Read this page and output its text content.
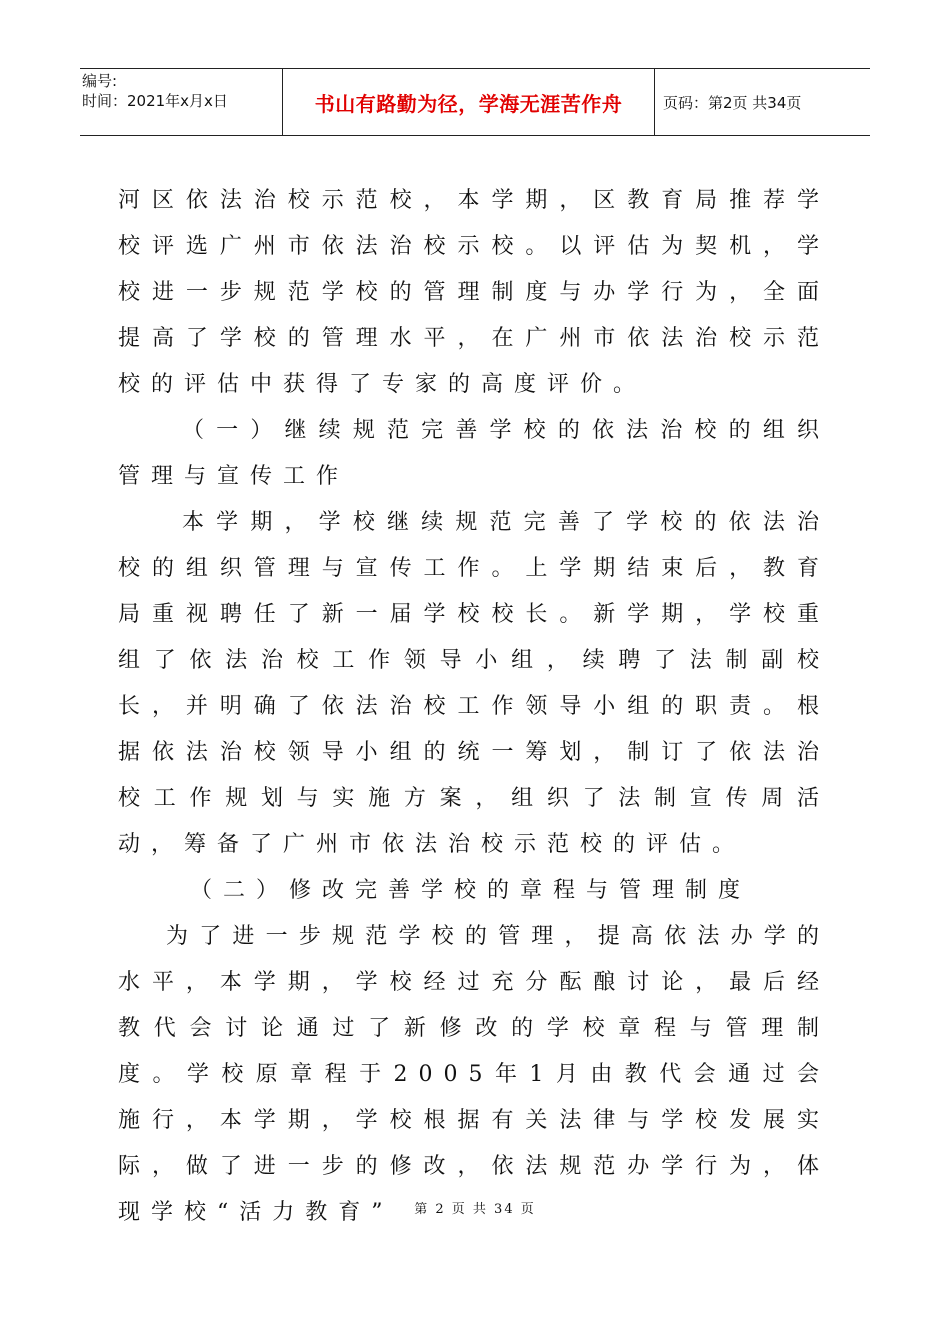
编号:
时间：2021年x月x日	书山有路勤为径，学海无涯苦作舟	页码：第2页 共34页

河区依法治校示范校，本学期，区教育局推荐学校评选广州市依法治校示校。以评估为契机，学校进一步规范学校的管理制度与办学行为，全面提高了学校的管理水平，在广州市依法治校示范校的评估中获得了专家的高度评价。

（一）继续规范完善学校的依法治校的组织管理与宣传工作

本学期，学校继续规范完善了学校的依法治校的组织管理与宣传工作。上学期结束后，教育局重视聘任了新一届学校校长。新学期，学校重组了依法治校工作领导小组，续聘了法制副校长，并明确了依法治校工作领导小组的职责。根据依法治校领导小组的统一筹划，制订了依法治校工作规划与实施方案，组织了法制宣传周活动，筹备了广州市依法治校示范校的评估。

（二）修改完善学校的章程与管理制度

为了进一步规范学校的管理，提高依法办学的水平，本学期，学校经过充分酝酿讨论，最后经教代会讨论通过了新修改的学校章程与管理制度。学校原章程于2005年1月由教代会通过会施行，本学期，学校根据有关法律与学校发展实际，做了进一步的修改，依法规范办学行为，体现学校“活力教育”	第 2 页 共 34 页
